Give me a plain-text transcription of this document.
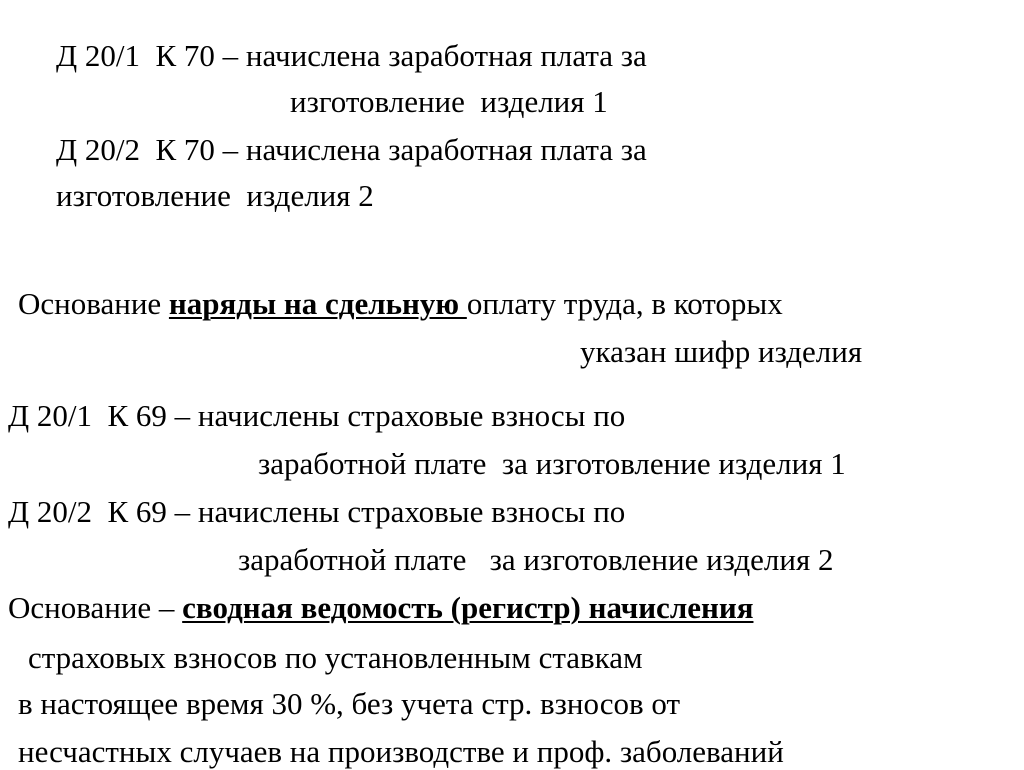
Д 20/1  К 70 – начислена заработная плата за
изготовление  изделия 1
Д 20/2  К 70 – начислена заработная плата за
изготовление  изделия 2
Основание наряды на сдельную оплату труда, в которых
указан шифр изделия
Д 20/1  К 69 – начислены страховые взносы по
заработной плате  за изготовление изделия 1
Д 20/2  К 69 – начислены страховые взносы по
заработной плате   за изготовление изделия 2
Основание – сводная ведомость (регистр) начисления
страховых взносов по установленным ставкам
в настоящее время 30 %, без учета стр. взносов от
несчастных случаев на производстве и проф. заболеваний
